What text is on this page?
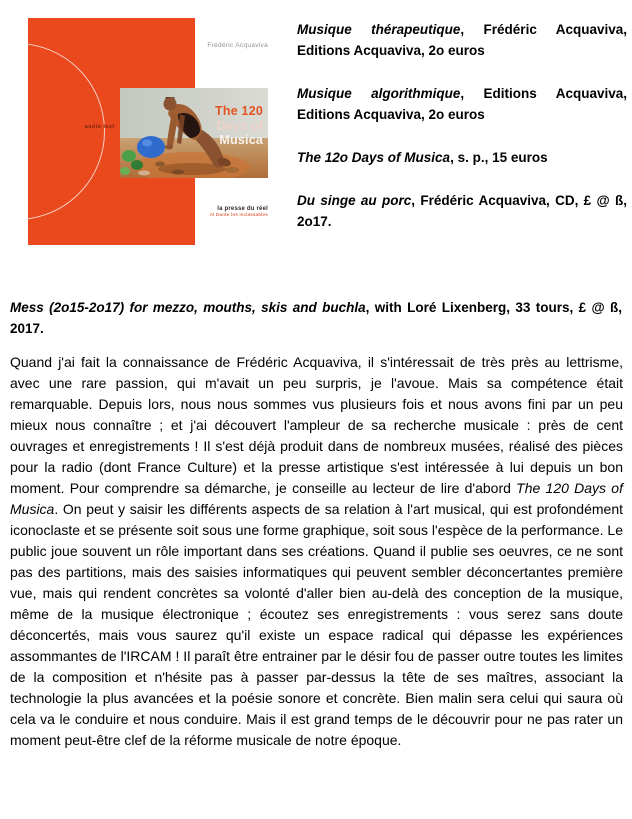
audio text
The 120
Days of
Musica
Frédéric Acquaviva
la presse du réel
Al Dante les inclassables

Musique thérapeutique, Frédéric Acquaviva, Editions Acquaviva, 2o euros

Musique algorithmique, Editions Acquaviva, Editions Acquaviva, 2o euros

The 12o Days of Musica, s. p., 15 euros

Du singe au porc, Frédéric Acquaviva, CD, £ @ ß, 2o17.

Mess (2o15-2o17) for mezzo, mouths, skis and buchla, with Loré Lixenberg, 33 tours, £ @ ß, 2017.
Quand j'ai fait la connaissance de Frédéric Acquaviva, il s'intéressait de très près au lettrisme, avec une rare passion, qui m'avait un peu surpris, je l'avoue. Mais sa compétence était remarquable. Depuis lors, nous nous sommes vus plusieurs fois et nous avons fini par un peu mieux nous connaître ; et j'ai découvert l'ampleur de sa recherche musicale : près de cent ouvrages et enregistrements ! Il s'est déjà produit dans de nombreux musées, réalisé des pièces pour la radio (dont France Culture) et la presse artistique s'est intéressée à lui depuis un bon moment. Pour comprendre sa démarche, je conseille au lecteur de lire d'abord The 120 Days of Musica. On peut y saisir les différents aspects de sa relation à l'art musical, qui est profondément iconoclaste et se présente soit sous une forme graphique, soit sous l'espèce de la performance. Le public joue souvent un rôle important dans ses créations. Quand il publie ses oeuvres, ce ne sont pas des partitions, mais des saisies informatiques qui peuvent sembler déconcertantes première vue, mais qui rendent concrètes sa volonté d'aller bien au-delà des conception de la musique, même de la musique électronique ; écoutez ses enregistrements : vous serez sans doute déconcertés, mais vous saurez qu'il existe un espace radical qui dépasse les expériences assommantes de l'IRCAM ! Il paraît être entrainer par le désir fou de passer outre toutes les limites de la composition et n'hésite pas à passer par-dessus la tête de ses maîtres, associant la technologie la plus avancées et la poésie sonore et concrète. Bien malin sera celui qui saura où cela va le conduire et nous conduire. Mais il est grand temps de le découvrir pour ne pas rater un moment peut-être clef de la réforme musicale de notre époque.
